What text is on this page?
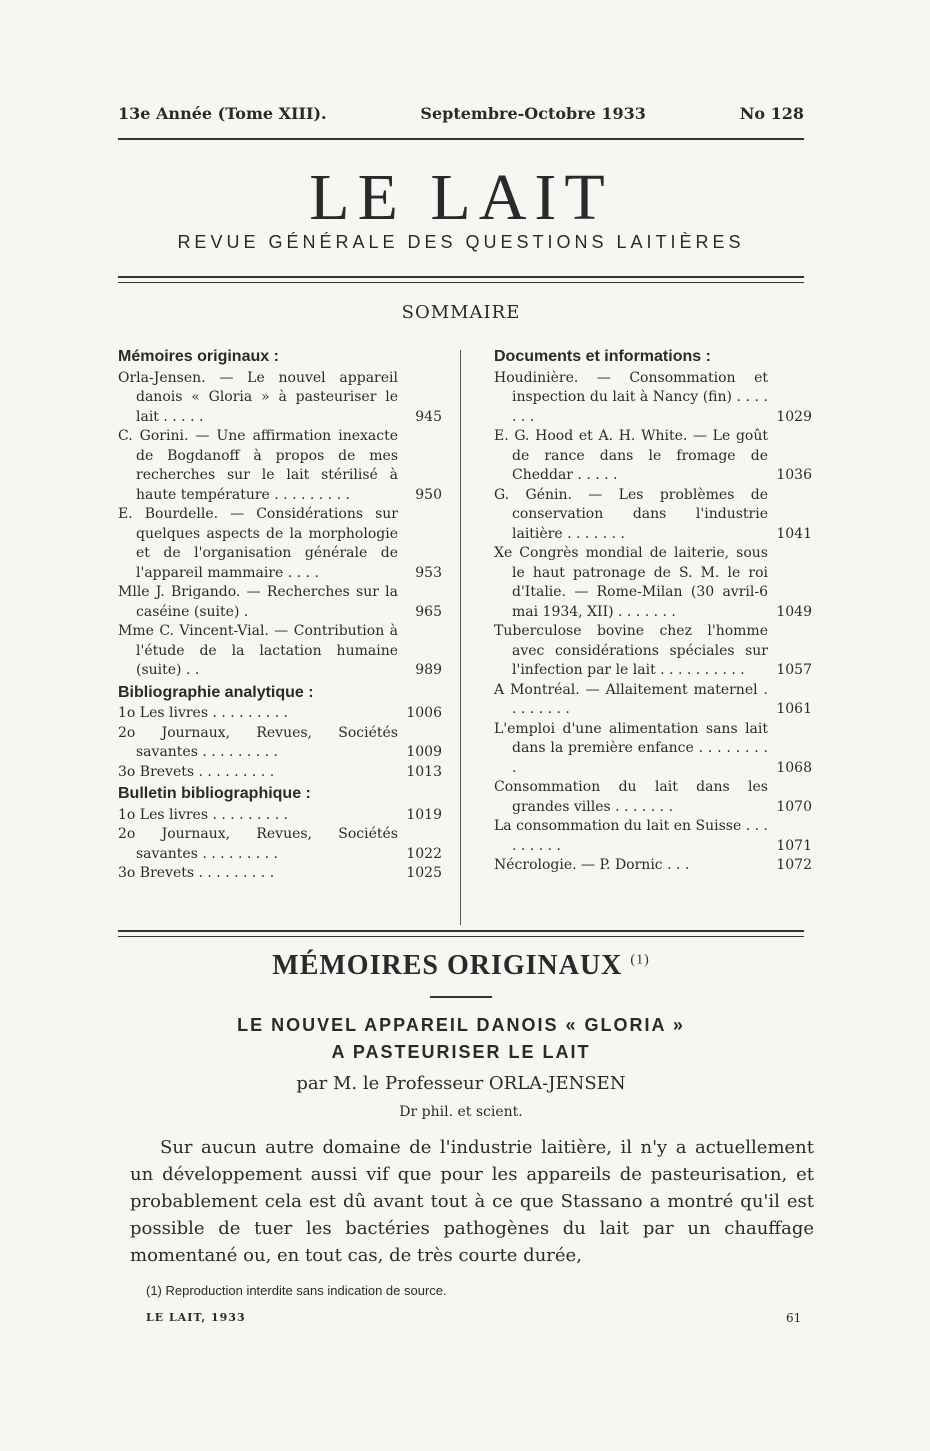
13e Année (Tome XIII).	Septembre-Octobre 1933	No 128
LE LAIT
REVUE GÉNÉRALE DES QUESTIONS LAITIÈRES
SOMMAIRE
Mémoires originaux :
Orla-Jensen. — Le nouvel appareil danois « Gloria » à pasteuriser le lait . . . . .	945
C. Gorini. — Une affirmation inexacte de Bogdanoff à propos de mes recherches sur le lait stérilisé à haute température . . . . . . . . .	950
E. Bourdelle. — Considérations sur quelques aspects de la morphologie et de l'organisation générale de l'appareil mammaire . . . .	953
Mlle J. Brigando. — Recherches sur la caséine (suite) .	965
Mme C. Vincent-Vial. — Contribution à l'étude de la lactation humaine (suite) . .	989
Bibliographie analytique :
1o Les livres . . . . . . . . .	1006
2o Journaux, Revues, Sociétés savantes . . . . . . . . .	1009
3o Brevets . . . . . . . . .	1013
Bulletin bibliographique :
1o Les livres . . . . . . . . .	1019
2o Journaux, Revues, Sociétés savantes . . . . . . . . .	1022
3o Brevets . . . . . . . . .	1025
Documents et informations :
Houdinière. — Consommation et inspection du lait à Nancy (fin) . . . . . . .	1029
E. G. Hood et A. H. White. — Le goût de rance dans le fromage de Cheddar . . . . .	1036
G. Génin. — Les problèmes de conservation dans l'industrie laitière . . . . . . .	1041
Xe Congrès mondial de laiterie, sous le haut patronage de S. M. le roi d'Italie. — Rome-Milan (30 avril-6 mai 1934, XII) . . . . . . .	1049
Tuberculose bovine chez l'homme avec considérations spéciales sur l'infection par le lait . . . . . . . . . .	1057
A Montréal. — Allaitement maternel . . . . . . . .	1061
L'emploi d'une alimentation sans lait dans la première enfance . . . . . . . . .	1068
Consommation du lait dans les grandes villes . . . . . . .	1070
La consommation du lait en Suisse . . . . . . . . .	1071
Nécrologie. — P. Dornic . . .	1072
MÉMOIRES ORIGINAUX $^{(1)}$
LE NOUVEL APPAREIL DANOIS « GLORIA »
A PASTEURISER LE LAIT
par M. le Professeur ORLA-JENSEN
Dr phil. et scient.
Sur aucun autre domaine de l'industrie laitière, il n'y a actuellement un développement aussi vif que pour les appareils de pasteurisation, et probablement cela est dû avant tout à ce que Stassano a montré qu'il est possible de tuer les bactéries pathogènes du lait par un chauffage momentané ou, en tout cas, de très courte durée,
(1) Reproduction interdite sans indication de source.
LE LAIT, 1933	61
